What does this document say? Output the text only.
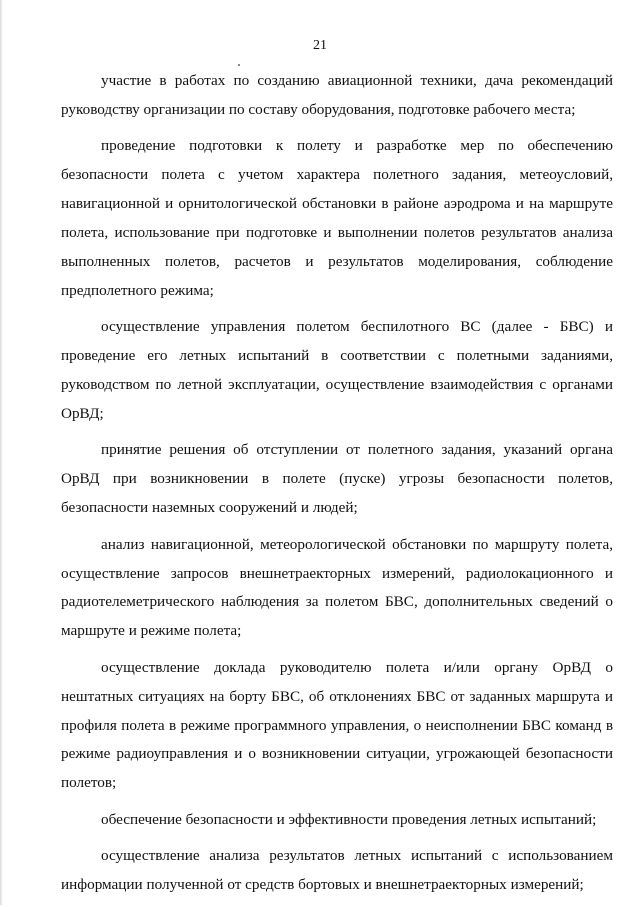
21

участие в работах по созданию авиационной техники, дача рекомендаций руководству организации по составу оборудования, подготовке рабочего места;

проведение подготовки к полету и разработке мер по обеспечению безопасности полета с учетом характера полетного задания, метеоусловий, навигационной и орнитологической обстановки в районе аэродрома и на маршруте полета, использование при подготовке и выполнении полетов результатов анализа выполненных полетов, расчетов и результатов моделирования, соблюдение предполетного режима;

осуществление управления полетом беспилотного ВС (далее - БВС) и проведение его летных испытаний в соответствии с полетными заданиями, руководством по летной эксплуатации, осуществление взаимодействия с органами ОрВД;

принятие решения об отступлении от полетного задания, указаний органа ОрВД при возникновении в полете (пуске) угрозы безопасности полетов, безопасности наземных сооружений и людей;

анализ навигационной, метеорологической обстановки по маршруту полета, осуществление запросов внешнетраекторных измерений, радиолокационного и радиотелеметрического наблюдения за полетом БВС, дополнительных сведений о маршруте и режиме полета;

осуществление доклада руководителю полета и/или органу ОрВД о нештатных ситуациях на борту БВС, об отклонениях БВС от заданных маршрута и профиля полета в режиме программного управления, о неисполнении БВС команд в режиме радиоуправления и о возникновении ситуации, угрожающей безопасности полетов;

обеспечение безопасности и эффективности проведения летных испытаний;

осуществление анализа результатов летных испытаний с использованием информации полученной от средств бортовых и внешнетраекторных измерений;
